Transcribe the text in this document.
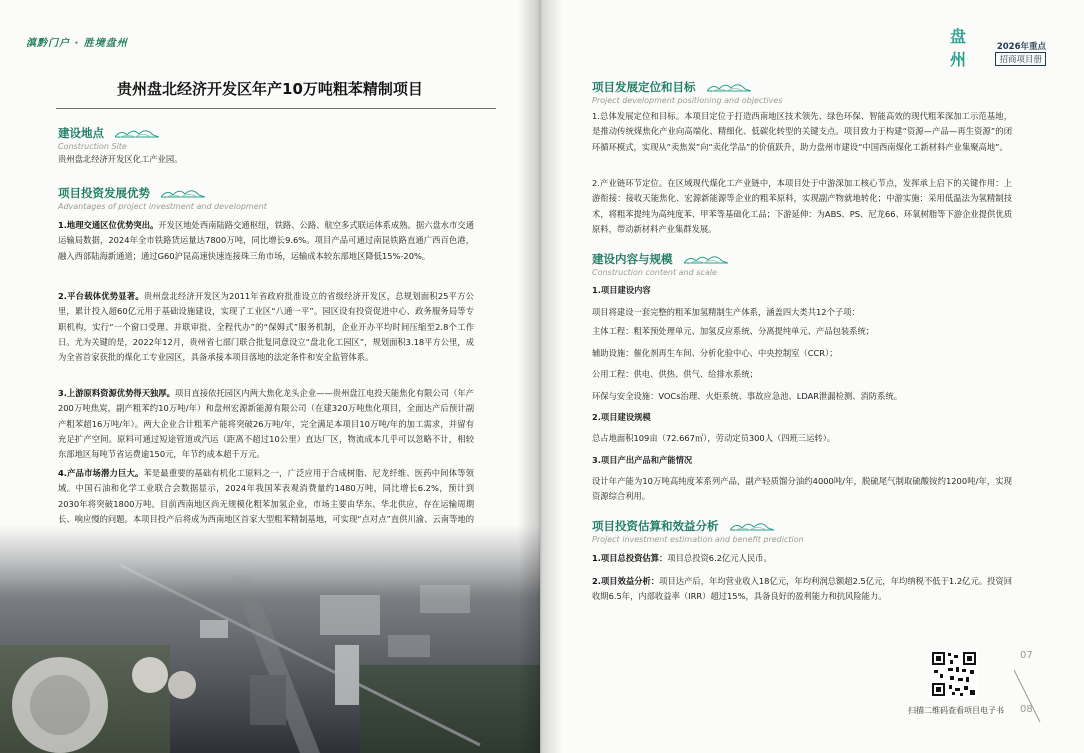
滇黔门户 · 胜境盘州
贵州盘北经济开发区年产10万吨粗苯精制项目
建设地点
Construction Site
贵州盘北经济开发区化工产业园。
项目投资发展优势
Advantages of project investment and development
1.地理交通区位优势突出。开发区地处西南陆路交通枢纽，铁路、公路、航空多式联运体系成熟。据六盘水市交通运输局数据，2024年全市铁路货运量达7800万吨，同比增长9.6%。项目产品可通过南昆铁路直通广西百色港，融入西部陆海新通道；通过G60沪昆高速快速连接珠三角市场，运输成本较东部地区降低15%-20%。
2.平台载体优势显著。贵州盘北经济开发区为2011年省政府批准设立的省级经济开发区，总规划面积25平方公里，累计投入超60亿元用于基础设施建设，实现了工业区“八通一平”。园区设有投资促进中心、政务服务局等专职机构，实行“一个窗口受理、并联审批、全程代办”的“保姆式”服务机制，企业开办平均时间压缩至2.8个工作日。尤为关键的是，2022年12月，贵州省七部门联合批复同意设立“盘北化工园区”，规划面积3.18平方公里，成为全省首家获批的煤化工专业园区，具备承接本项目落地的法定条件和安全监管体系。
3.上游原料资源优势得天独厚。项目直接依托园区内两大焦化龙头企业——贵州盘江电投天能焦化有限公司（年产200万吨焦炭，副产粗苯约10万吨/年）和盘州宏源新能源有限公司（在建320万吨焦化项目，全面达产后预计副产粗苯超16万吨/年）。两大企业合计粗苯产能将突破26万吨/年，完全满足本项目10万吨/年的加工需求，并留有充足扩产空间。原料可通过短途管道或汽运（距离不超过10公里）直达厂区，物流成本几乎可以忽略不计，相较东部地区每吨节省运费逾150元，年节约成本超千万元。
4.产品市场潜力巨大。苯是最重要的基础有机化工原料之一，广泛应用于合成树脂、尼龙纤维、医药中间体等领域。中国石油和化学工业联合会数据显示，2024年我国苯表观消费量约1480万吨，同比增长6.2%，预计到2030年将突破1800万吨。目前西南地区尚无规模化粗苯加氢企业，市场主要由华东、华北供应，存在运输周期长、响应慢的问题。本项目投产后将成为西南地区首家大型粗苯精制基地，可实现“点对点”直供川渝、云南等地的
盘州
2026年重点
招商项目册
项目发展定位和目标
Project development positioning and objectives
1.总体发展定位和目标。本项目定位于打造西南地区技术领先、绿色环保、智能高效的现代粗苯深加工示范基地，是推动传统煤焦化产业向高端化、精细化、低碳化转型的关键支点。项目致力于构建“资源—产品—再生资源”的闭环循环模式，实现从“卖焦炭”向“卖化学品”的价值跃升，助力盘州市建设“中国西南煤化工新材料产业集聚高地”。
2.产业链环节定位。在区域现代煤化工产业链中，本项目处于中游深加工核心节点，发挥承上启下的关键作用：上游衔接：接收天能焦化、宏源新能源等企业的粗苯原料，实现副产物就地转化；中游实施：采用低温法为氢精制技术，将粗苯提纯为高纯度苯、甲苯等基础化工品；下游延伸：为ABS、PS、尼龙66、环氧树脂等下游企业提供优质原料，带动新材料产业集群发展。
建设内容与规模
Construction content and scale
1.项目建设内容
项目将建设一套完整的粗苯加氢精制生产体系，涵盖四大类共12个子项：
主体工程：粗苯预处理单元、加氢反应系统、分离提纯单元、产品包装系统；
辅助设施：催化剂再生车间、分析化验中心、中央控制室（CCR）；
公用工程：供电、供热、供气、给排水系统；
环保与安全设施：VOCs治理、火炬系统、事故应急池、LDAR泄漏检测、消防系统。
2.项目建设规模
总占地面积109亩（72.667㎡），劳动定员300人（四班三运转）。
3.项目产出产品和产能情况
设计年产能为10万吨高纯度苯系列产品，副产轻质馏分油约4000吨/年，脱硫尾气制取硫酸铵约1200吨/年，实现资源综合利用。
项目投资估算和效益分析
Project investment estimation and benefit prediction
1.项目总投资估算：项目总投资6.2亿元人民币。
2.项目效益分析：项目达产后，年均营业收入18亿元，年均利润总额超2.5亿元，年均纳税不低于1.2亿元。投资回收期6.5年，内部收益率（IRR）超过15%，具备良好的盈利能力和抗风险能力。
扫描二维码查看项目电子书
07
08
